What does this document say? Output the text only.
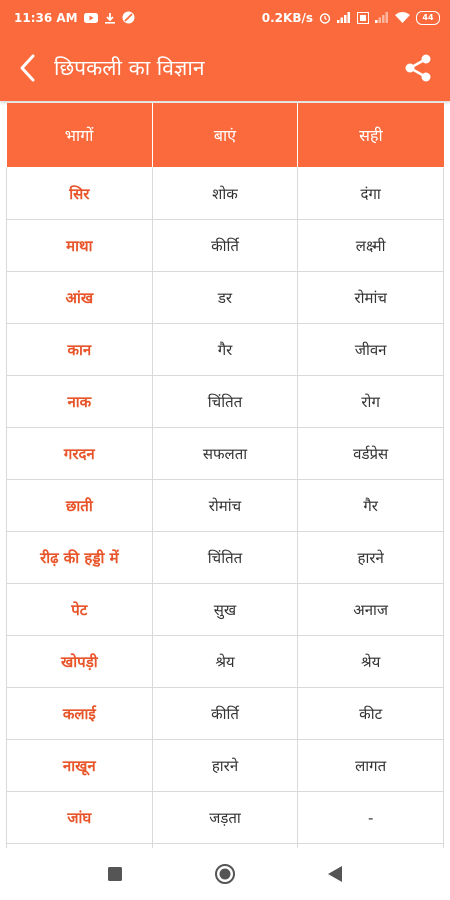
11:36 AM	0.2KB/s	44
छिपकली का विज्ञान
भागों	बाएं	सही
सिर	शोक	दंगा
माथा	कीर्ति	लक्ष्मी
आंख	डर	रोमांच
कान	गैर	जीवन
नाक	चिंतित	रोग
गरदन	सफलता	वर्डप्रेस
छाती	रोमांच	गैर
रीढ़ की हड्डी में	चिंतित	हारने
पेट	सुख	अनाज
खोपड़ी	श्रेय	श्रेय
कलाई	कीर्ति	कीट
नाखून	हारने	लागत
जांघ	जड़ता	-
